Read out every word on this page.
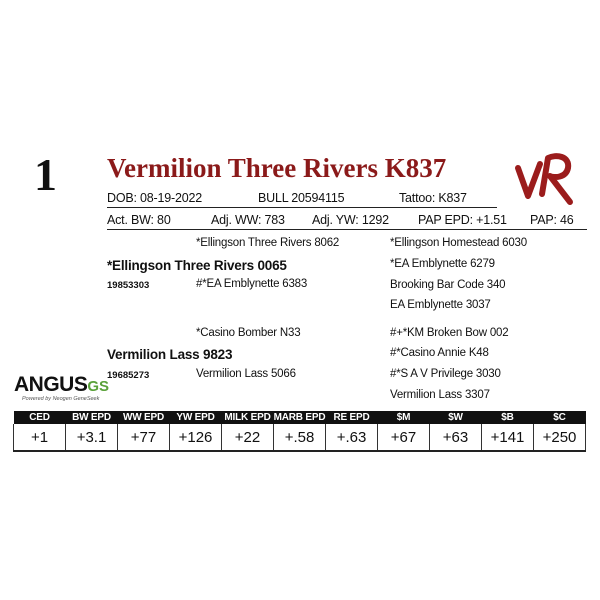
1 Vermilion Three Rivers K837
DOB: 08-19-2022	BULL 20594115	Tattoo: K837
Act. BW: 80	Adj. WW: 783 Adj. YW: 1292 PAP EPD: +1.51 PAP: 46
*Ellingson Three Rivers 8062	*Ellingson Homestead 6030
*Ellingson Three Rivers 0065	*EA Emblynette 6279
19853303	#*EA Emblynette 6383	Brooking Bar Code 340
EA Emblynette 3037
*Casino Bomber N33	#+*KM Broken Bow 002
Vermilion Lass 9823	#*Casino Annie K48
19685273	Vermilion Lass 5066	#*S A V Privilege 3030
Vermilion Lass 3307
ANGUSGS
Powered by Neogen GeneSeek
CED	BW EPD	WW EPD	YW EPD	MILK EPD	MARB EPD	RE EPD	$M	$W	$B	$C
+1	+3.1	+77	+126	+22	+.58	+.63	+67	+63	+141	+250
